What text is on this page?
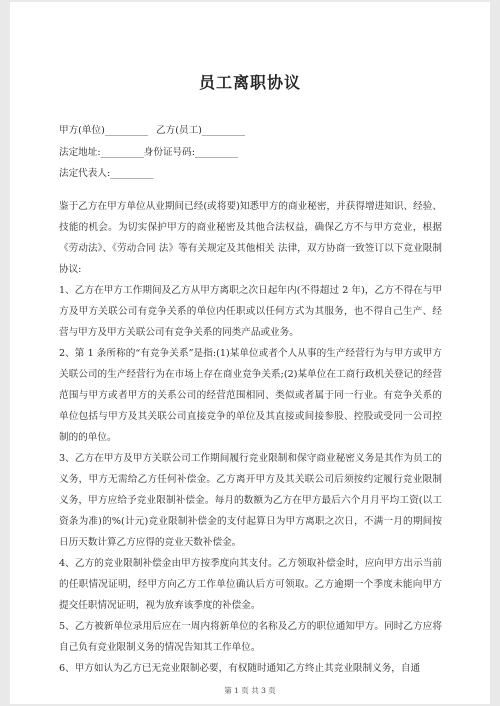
员工离职协议
甲方(单位)_________ 乙方(员工)_________
法定地址:_________身份证号码:_________
法定代表人:_________

鉴于乙方在甲方单位从业期间已经(或将要)知悉甲方的商业秘密，并获得增进知识、经验、技能的机会。为切实保护甲方的商业秘密及其他合法权益，确保乙方不与甲方竞业，根据《劳动法》、《劳动合同 法》等有关规定及其他相关 法律，双方协商一致签订以下竞业限制协议:

1、乙方在甲方工作期间及乙方从甲方离职之次日起年内(不得超过 2 年)，乙方不得在与甲方及甲方关联公司有竞争关系的单位内任职或以任何方式为其服务，也不得自己生产、经营与甲方及甲方关联公司有竞争关系的同类产品或业务。

2、第 1 条所称的“有竞争关系”是指:(1)某单位或者个人从事的生产经营行为与甲方或甲方关联公司的生产经营行为在市场上存在商业竞争关系;(2)某单位在工商行政机关登记的经营范围与甲方或者甲方的关系公司的经营范围相同、类似或者属于同一行业。有竞争关系的单位包括与甲方及其关联公司直接竞争的单位及其直接或间接参股、控股或受同一公司控制的的单位。

3、乙方在甲方及甲方关联公司工作期间履行竞业限制和保守商业秘密义务是其作为员工的义务，甲方无需给乙方任何补偿金。乙方离开甲方及其关联公司后须按约定履行竞业限制义务，甲方应给予竞业限制补偿金。每月的数额为乙方在甲方最后六个月月平均工资(以工资条为准)的%(计元)竞业限制补偿金的支付起算日为甲方离职之次日，不满一月的期间按日历天数计算乙方应得的竞业天数补偿金。

4、乙方的竞业限制补偿金由甲方按季度向其支付。乙方领取补偿金时，应向甲方出示当前的任职情况证明，经甲方向乙方工作单位确认后方可领取。乙方逾期一个季度未能向甲方提交任职情况证明，视为放弃该季度的补偿金。

5、乙方被新单位录用后应在一周内将新单位的名称及乙方的职位通知甲方。同时乙方应将自己负有竞业限制义务的情况告知其工作单位。

6、甲方如认为乙方已无竞业限制必要，有权随时通知乙方终止其竞业限制义务，自通

第 1 页 共 3 页
